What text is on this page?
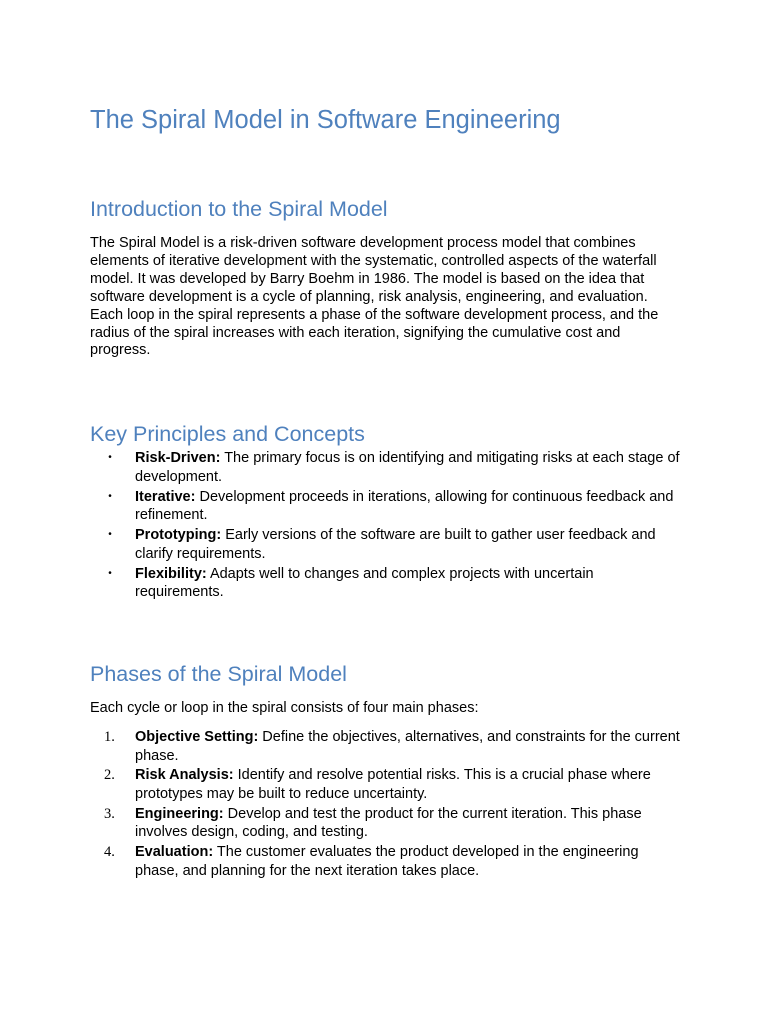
The Spiral Model in Software Engineering
Introduction to the Spiral Model

The Spiral Model is a risk-driven software development process model that combines elements of iterative development with the systematic, controlled aspects of the waterfall model. It was developed by Barry Boehm in 1986. The model is based on the idea that software development is a cycle of planning, risk analysis, engineering, and evaluation. Each loop in the spiral represents a phase of the software development process, and the radius of the spiral increases with each iteration, signifying the cumulative cost and progress.

Key Principles and Concepts
• Risk-Driven: The primary focus is on identifying and mitigating risks at each stage of development.
• Iterative: Development proceeds in iterations, allowing for continuous feedback and refinement.
• Prototyping: Early versions of the software are built to gather user feedback and clarify requirements.
• Flexibility: Adapts well to changes and complex projects with uncertain requirements.
Phases of the Spiral Model

Each cycle or loop in the spiral consists of four main phases:

1.	Objective Setting: Define the objectives, alternatives, and constraints for the current phase.
2.	Risk Analysis: Identify and resolve potential risks. This is a crucial phase where prototypes may be built to reduce uncertainty.
3.	Engineering: Develop and test the product for the current iteration. This phase involves design, coding, and testing.
4.	Evaluation: The customer evaluates the product developed in the engineering phase, and planning for the next iteration takes place.
